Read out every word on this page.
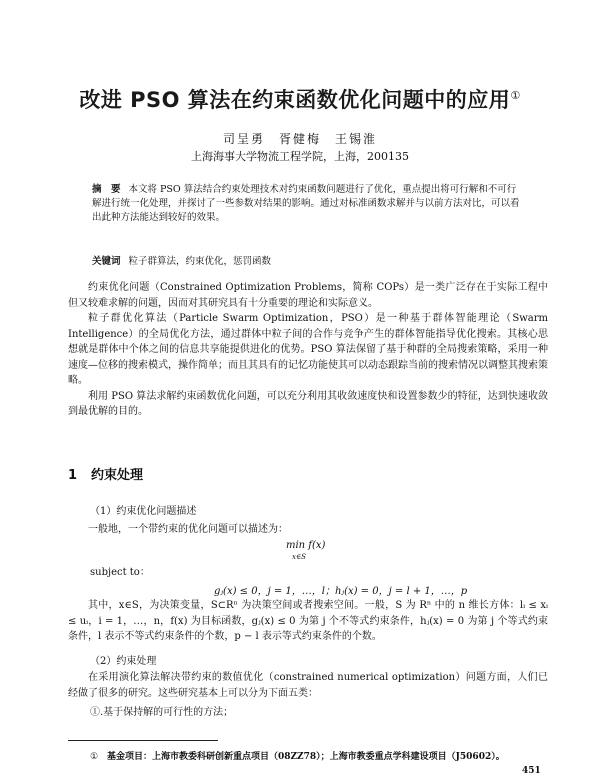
改进 PSO 算法在约束函数优化问题中的应用①
司呈勇　胥健梅　王锡淮
上海海事大学物流工程学院，上海，200135
摘　要 本文将 PSO 算法结合约束处理技术对约束函数问题进行了优化，重点提出将可行解和不可行解进行统一化处理，并探讨了一些参数对结果的影响。通过对标准函数求解并与以前方法对比，可以看出此种方法能达到较好的效果。
关键词 粒子群算法，约束优化，惩罚函数

约束优化问题（Constrained Optimization Problems，简称 COPs）是一类广泛存在于实际工程中但又较难求解的问题，因而对其研究具有十分重要的理论和实际意义。

粒子群优化算法（Particle Swarm Optimization，PSO）是一种基于群体智能理论（Swarm Intelligence）的全局优化方法，通过群体中粒子间的合作与竞争产生的群体智能指导优化搜索。其核心思想就是群体中个体之间的信息共享能提供进化的优势。PSO 算法保留了基于种群的全局搜索策略，采用一种速度—位移的搜索模式，操作简单；而且其具有的记忆功能使其可以动态跟踪当前的搜索情况以调整其搜索策略。

利用 PSO 算法求解约束函数优化问题，可以充分利用其收敛速度快和设置参数少的特征，达到快速收敛到最优解的目的。

1 约束处理
（1）约束优化问题描述
一般地，一个带约束的优化问题可以描述为：
min f(x)
x∈S
subject to：
gⱼ(x) ≤ 0，j = 1，…，l；hⱼ(x) = 0，j = l + 1，…，p

其中，x∈S，为决策变量，S⊂Rⁿ 为决策空间或者搜索空间。一般，S 为 Rⁿ 中的 n 维长方体：lᵢ ≤ xᵢ ≤ uᵢ，i = 1，…，n，f(x) 为目标函数，gⱼ(x) ≤ 0 为第 j 个不等式约束条件，hⱼ(x) = 0 为第 j 个等式约束条件，l 表示不等式约束条件的个数，p − l 表示等式约束条件的个数。

（2）约束处理

在采用演化算法解决带约束的数值优化（constrained numerical optimization）问题方面，人们已经做了很多的研究。这些研究基本上可以分为下面五类：

①.基于保持解的可行性的方法；
① 基金项目：上海市教委科研创新重点项目（08ZZ78）；上海市教委重点学科建设项目（J50602）。
451
